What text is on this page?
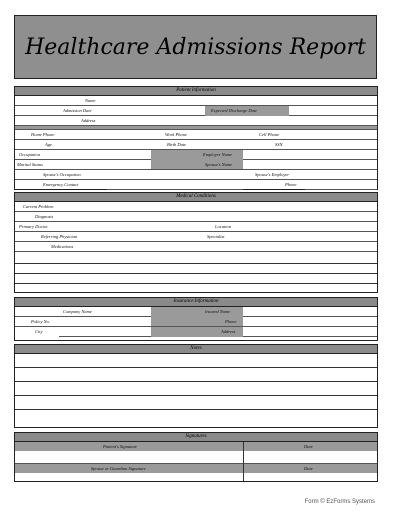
Healthcare Admissions Report
Patient Information
Name
Admission Date	Expected Discharge Date
Address
Home Phone	Work Phone	Cell Phone
Age	Birth Date	SSN
Occupation	Employer Name
Marital Status	Spouse's Name
Spouse's Occupation	Spouse's Employer
Emergency Contact	Phone
Medical Conditions
Current Problem
Diagnosis
Primary Doctor	Location
Referring Physician	Specialist
Medications
Insurance Information
Company Name	Insured Name
Policy No.	Phone
City	Address
Notes
Signatures
Patient's Signature	Date
Spouse or Guardian Signature	Date
Form © EzForms Systems
